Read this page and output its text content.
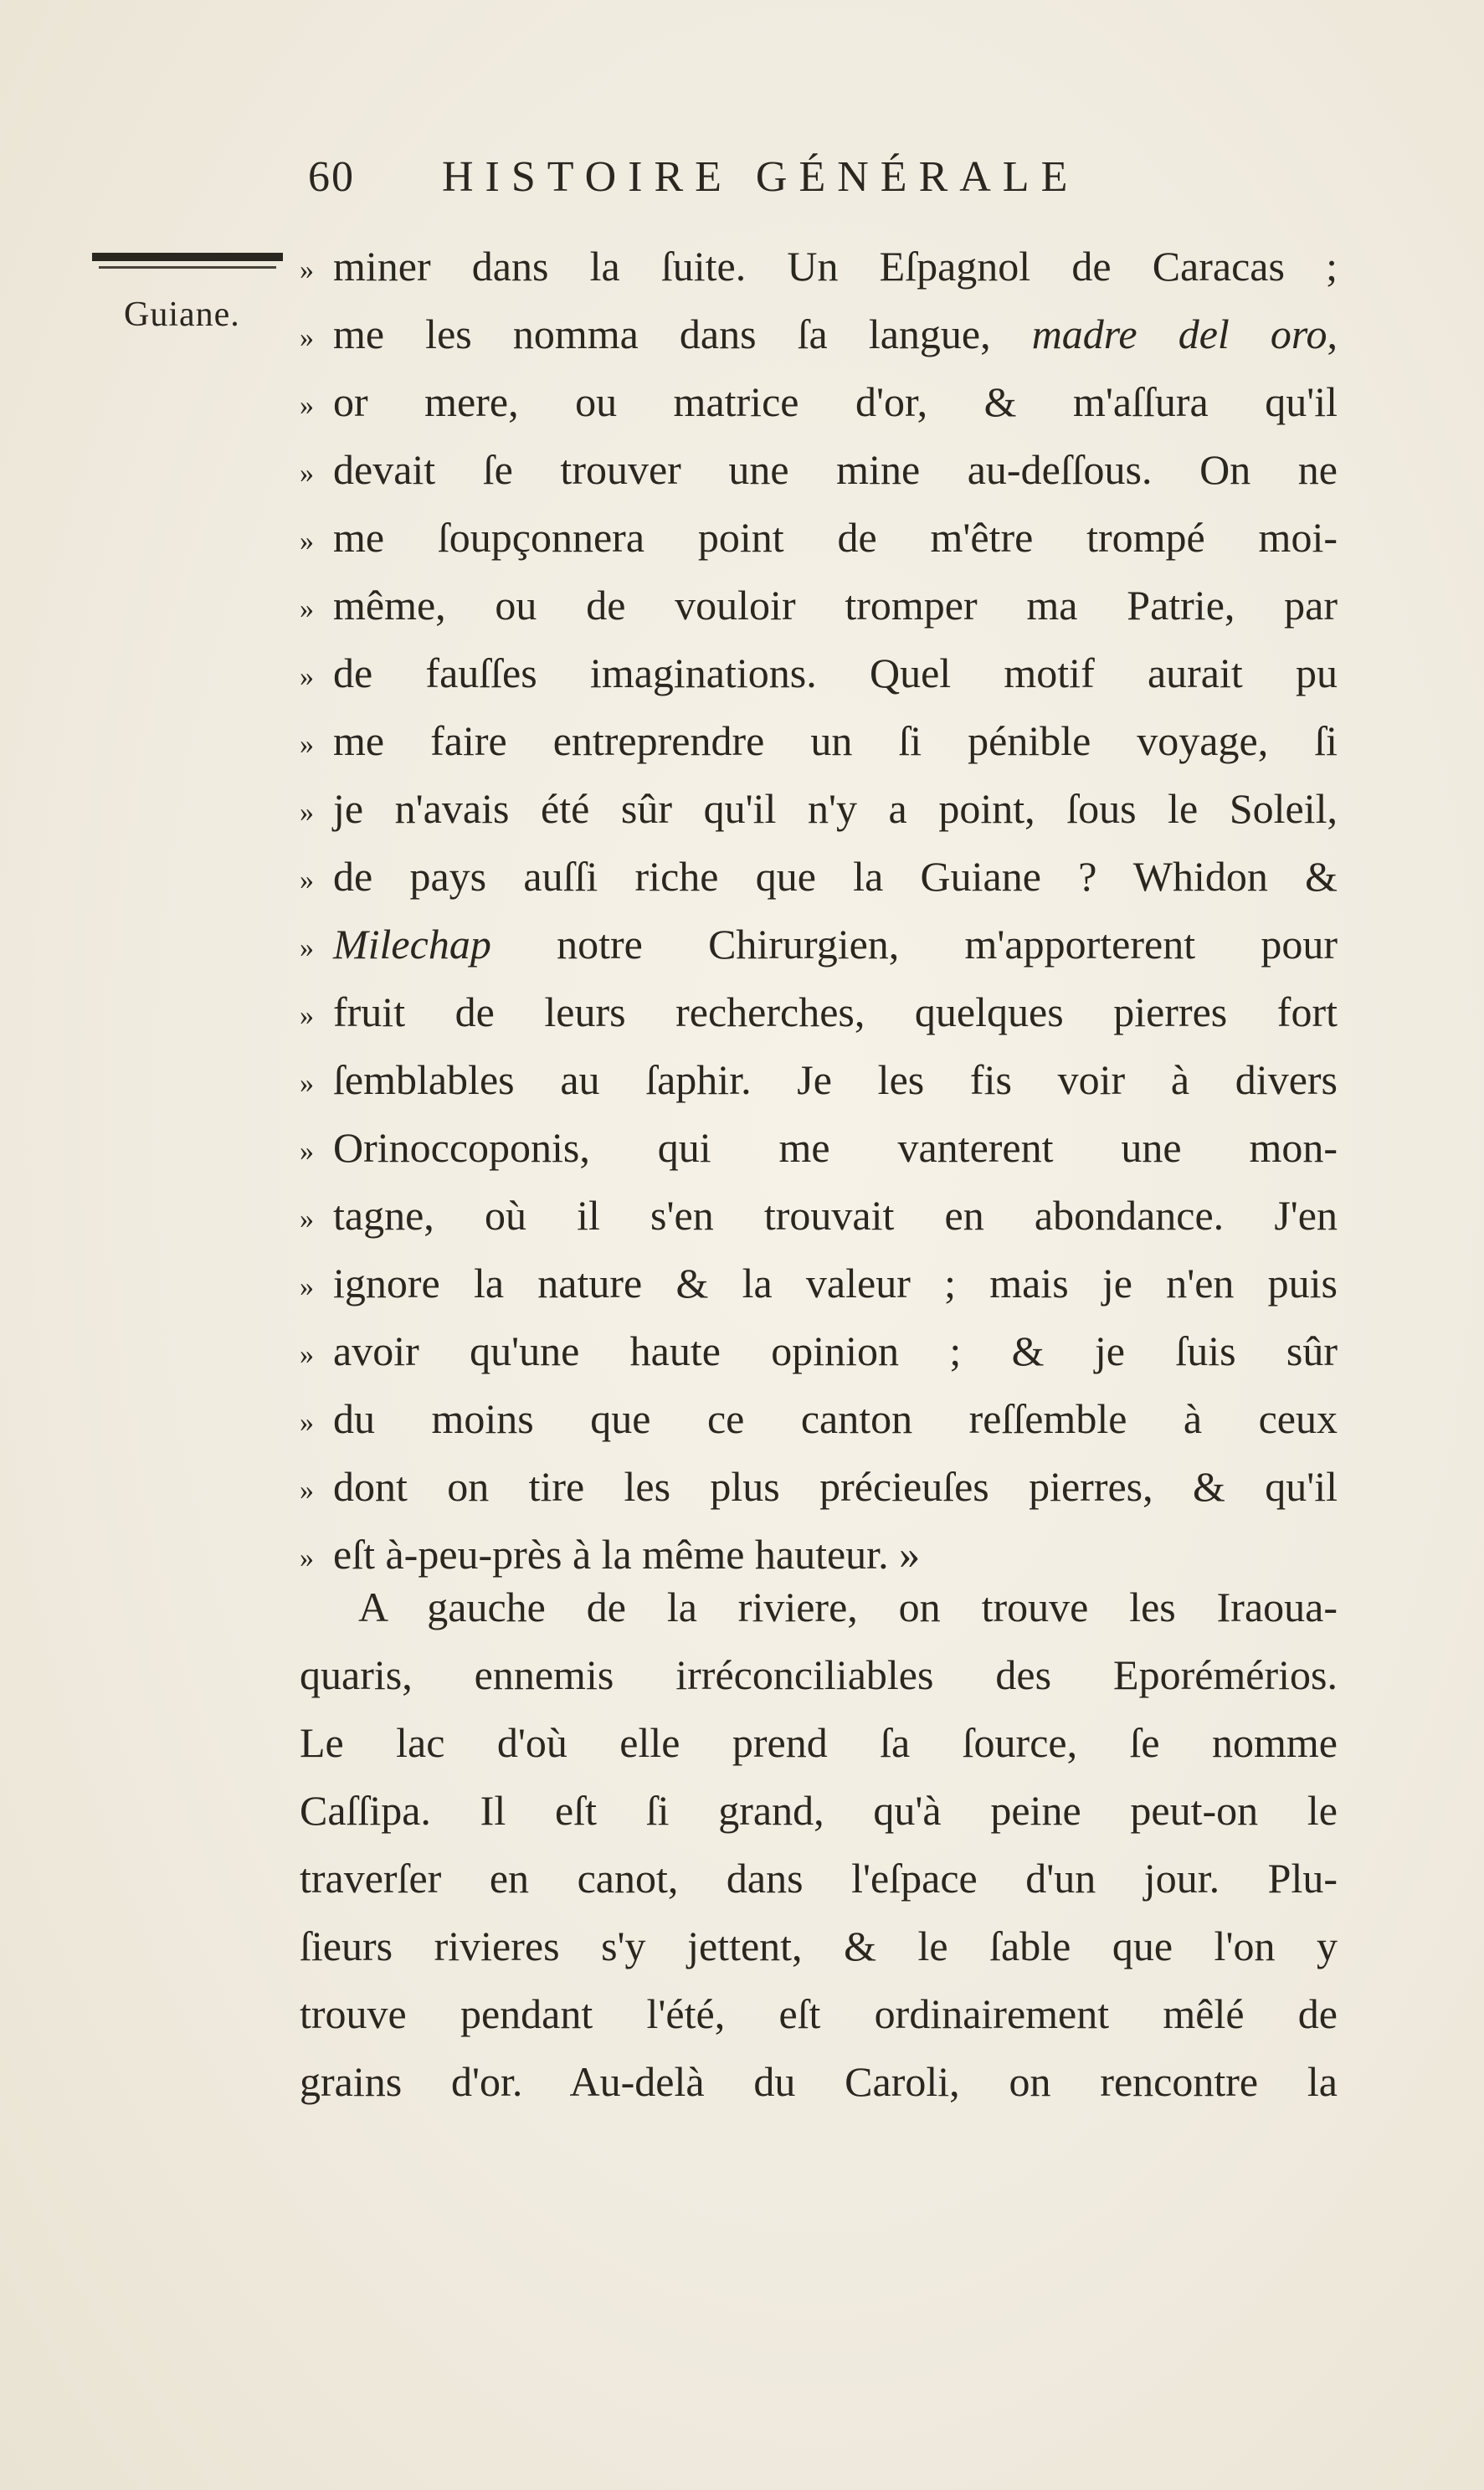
60 HISTOIRE GÉNÉRALE
Guiane.
» miner dans la ſuite. Un Eſpagnol de Caracas ;
» me les nomma dans ſa langue, madre del oro,
» or mere, ou matrice d'or, & m'aſſura qu'il
» devait ſe trouver une mine au-deſſous. On ne
» me ſoupçonnera point de m'être trompé moi-
» même, ou de vouloir tromper ma Patrie, par
» de fauſſes imaginations. Quel motif aurait pu
» me faire entreprendre un ſi pénible voyage, ſi
» je n'avais été sûr qu'il n'y a point, ſous le Soleil,
» de pays auſſi riche que la Guiane ? Whidon &
» Milechap notre Chirurgien, m'apporterent pour
» fruit de leurs recherches, quelques pierres fort
» ſemblables au ſaphir. Je les fis voir à divers
» Orinoccoponis, qui me vanterent une mon-
» tagne, où il s'en trouvait en abondance. J'en
» ignore la nature & la valeur ; mais je n'en puis
» avoir qu'une haute opinion ; & je ſuis sûr
» du moins que ce canton reſſemble à ceux
» dont on tire les plus précieuſes pierres, & qu'il
» eſt à-peu-près à la même hauteur. »
A gauche de la riviere, on trouve les Iraoua-
quaris, ennemis irréconciliables des Eporémérios.
Le lac d'où elle prend ſa ſource, ſe nomme
Caſſipa. Il eſt ſi grand, qu'à peine peut-on le
traverſer en canot, dans l'eſpace d'un jour. Plu-
ſieurs rivieres s'y jettent, & le ſable que l'on y
trouve pendant l'été, eſt ordinairement mêlé de
grains d'or. Au-delà du Caroli, on rencontre la
